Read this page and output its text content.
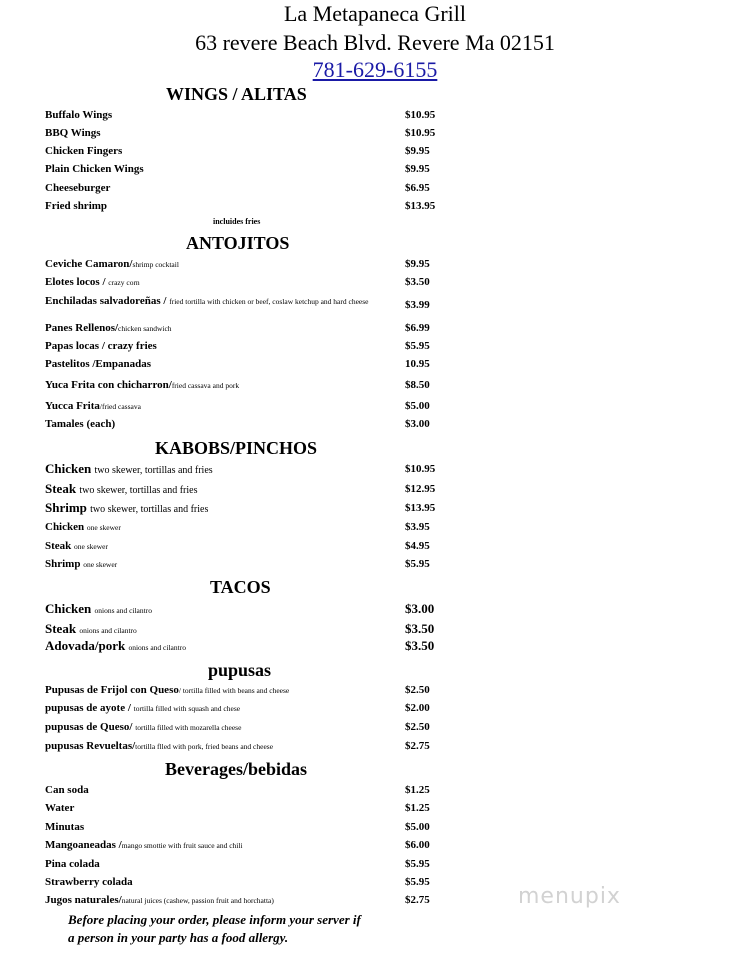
La Metapaneca Grill
63 revere Beach Blvd. Revere Ma 02151
781-629-6155
WINGS / ALITAS
Buffalo Wings	$10.95
BBQ Wings	$10.95
Chicken Fingers	$9.95
Plain Chicken Wings	$9.95
Cheeseburger	$6.95
Fried shrimp	$13.95
incluides fries
ANTOJITOS
Ceviche Camaron/shrimp cocktail	$9.95
Elotes locos / crazy corn	$3.50
Enchiladas salvadoreñas / fried tortilla with chicken or beef, coslaw ketchup and hard cheese	$3.99
Panes Rellenos/chicken sandwich	$6.99
Papas locas / crazy fries	$5.95
Pastelitos /Empanadas	10.95
Yuca Frita con chicharron/fried cassava and pork	$8.50
Yucca Frita/fried cassava	$5.00
Tamales (each)	$3.00
KABOBS/PINCHOS
Chicken two skewer, tortillas and fries	$10.95
Steak two skewer, tortillas and fries	$12.95
Shrimp two skewer, tortillas and fries	$13.95
Chicken one skewer	$3.95
Steak one skewer	$4.95
Shrimp one skewer	$5.95
TACOS
Chicken onions and cilantro	$3.00
Steak onions and cilantro	$3.50
Adovada/pork onions and cilantro	$3.50
pupusas
Pupusas de Frijol con Queso/ tortilla filled with beans and cheese	$2.50
pupusas de ayote / tortilla filled with squash and chese	$2.00
pupusas de Queso/ tortilla filled with mozarella cheese	$2.50
pupusas Revueltas/tortilla flled with pork, fried beans and cheese	$2.75
Beverages/bebidas
Can soda	$1.25
Water	$1.25
Minutas	$5.00
Mangoaneadas /mango smottie with fruit sauce and chili	$6.00
Pina colada	$5.95
Strawberry colada	$5.95
Jugos naturales/natural juices (cashew, passion fruit and horchatta)	$2.75
Before placing your order, please inform your server if
a person in your party has a food allergy.
menupix
